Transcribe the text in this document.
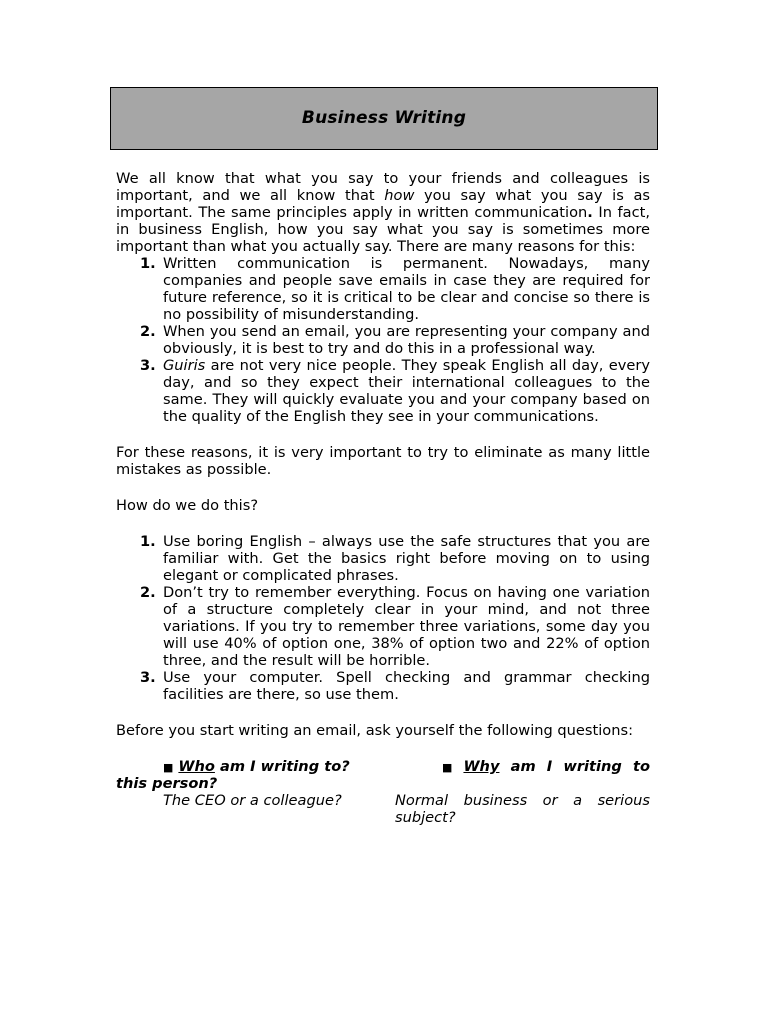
Business Writing

We all know that what you say to your friends and colleagues is important, and we all know that how you say what you say is as important. The same principles apply in written communication. In fact, in business English, how you say what you say is sometimes more important than what you actually say. There are many reasons for this:

1. Written communication is permanent. Nowadays, many companies and people save emails in case they are required for future reference, so it is critical to be clear and concise so there is no possibility of misunderstanding.
2. When you send an email, you are representing your company and obviously, it is best to try and do this in a professional way.
3. Guiris are not very nice people. They speak English all day, every day, and so they expect their international colleagues to the same. They will quickly evaluate you and your company based on the quality of the English they see in your communications.

For these reasons, it is very important to try to eliminate as many little mistakes as possible.

How do we do this?

1. Use boring English – always use the safe structures that you are familiar with. Get the basics right before moving on to using elegant or complicated phrases.
2. Don’t try to remember everything. Focus on having one variation of a structure completely clear in your mind, and not three variations. If you try to remember three variations, some day you will use 40% of option one, 38% of option two and 22% of option three, and the result will be horrible.
3. Use your computer. Spell checking and grammar checking facilities are there, so use them.

Before you start writing an email, ask yourself the following questions:

■ Who am I writing to?	■ Why am I writing to
this person?
The CEO or a colleague?	Normal business or a serious subject?
